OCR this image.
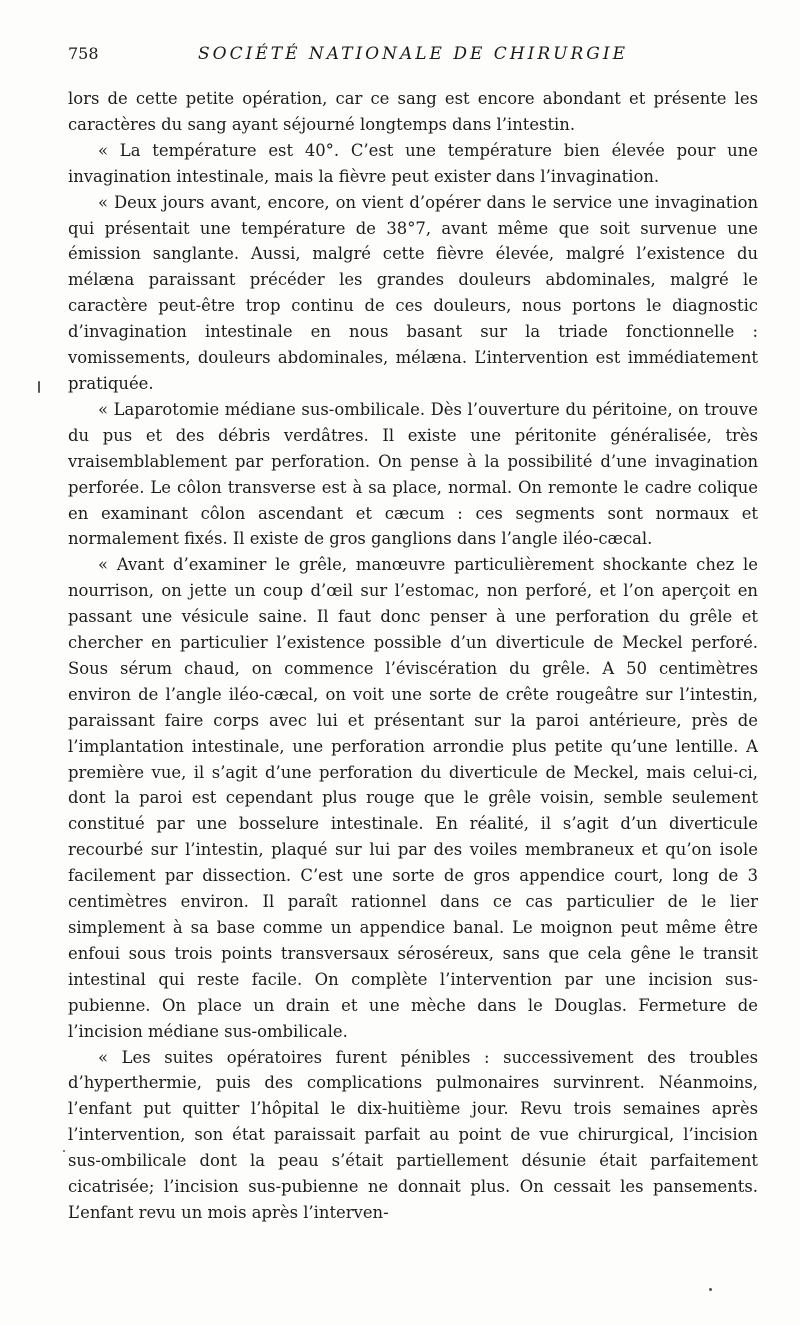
758	SOCIÉTÉ NATIONALE DE CHIRURGIE

lors de cette petite opération, car ce sang est encore abondant et présente les caractères du sang ayant séjourné longtemps dans l’intestin.

« La température est 40°. C’est une température bien élevée pour une invagination intestinale, mais la fièvre peut exister dans l’invagination.

« Deux jours avant, encore, on vient d’opérer dans le service une invagination qui présentait une température de 38°7, avant même que soit survenue une émission sanglante. Aussi, malgré cette fièvre élevée, malgré l’existence du mélæna paraissant précéder les grandes douleurs abdominales, malgré le caractère peut-être trop continu de ces douleurs, nous portons le diagnostic d’invagination intestinale en nous basant sur la triade fonctionnelle : vomissements, douleurs abdominales, mélæna. L’intervention est immédiatement pratiquée.

« Laparotomie médiane sus-ombilicale. Dès l’ouverture du péritoine, on trouve du pus et des débris verdâtres. Il existe une péritonite généralisée, très vraisemblablement par perforation. On pense à la possibilité d’une invagination perforée. Le côlon transverse est à sa place, normal. On remonte le cadre colique en examinant côlon ascendant et cæcum : ces segments sont normaux et normalement fixés. Il existe de gros ganglions dans l’angle iléo-cæcal.

« Avant d’examiner le grêle, manœuvre particulièrement shockante chez le nourrison, on jette un coup d’œil sur l’estomac, non perforé, et l’on aperçoit en passant une vésicule saine. Il faut donc penser à une perforation du grêle et chercher en particulier l’existence possible d’un diverticule de Meckel perforé. Sous sérum chaud, on commence l’éviscération du grêle. A 50 centimètres environ de l’angle iléo-cæcal, on voit une sorte de crête rougeâtre sur l’intestin, paraissant faire corps avec lui et présentant sur la paroi antérieure, près de l’implantation intestinale, une perforation arrondie plus petite qu’une lentille. A première vue, il s’agit d’une perforation du diverticule de Meckel, mais celui-ci, dont la paroi est cependant plus rouge que le grêle voisin, semble seulement constitué par une bosselure intestinale. En réalité, il s’agit d’un diverticule recourbé sur l’intestin, plaqué sur lui par des voiles membraneux et qu’on isole facilement par dissection. C’est une sorte de gros appendice court, long de 3 centimètres environ. Il paraît rationnel dans ce cas particulier de le lier simplement à sa base comme un appendice banal. Le moignon peut même être enfoui sous trois points transversaux séroséreux, sans que cela gêne le transit intestinal qui reste facile. On complète l’intervention par une incision sus-pubienne. On place un drain et une mèche dans le Douglas. Fermeture de l’incision médiane sus-ombilicale.

« Les suites opératoires furent pénibles : successivement des troubles d’hyperthermie, puis des complications pulmonaires survinrent. Néanmoins, l’enfant put quitter l’hôpital le dix-huitième jour. Revu trois semaines après l’intervention, son état paraissait parfait au point de vue chirurgical, l’incision sus-ombilicale dont la peau s’était partiellement désunie était parfaitement cicatrisée; l’incision sus-pubienne ne donnait plus. On cessait les pansements. L’enfant revu un mois après l’interven-
